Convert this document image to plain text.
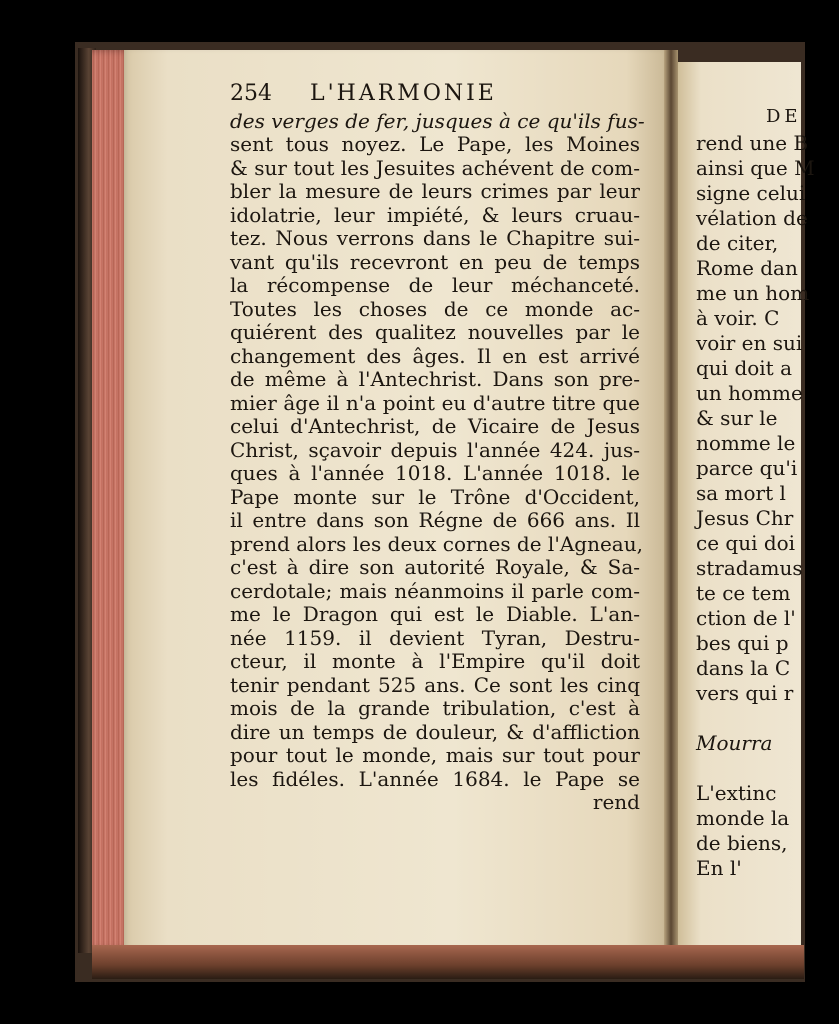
DE
rend une B
ainsi que M
signe celui
vélation de
de citer,
Rome dan
me un hom
à voir. C
voir en sui
qui doit a
un homme
& sur le
nomme le
parce qu'i
sa mort l
Jesus Chr
ce qui doi
stradamus
te ce tem
ction de l'
bes qui p
dans la C
vers qui r

Mourra

L'extinc
monde la
de biens,
En l'
254	L'HARMONIE
des verges de fer, jusques à ce qu'ils fus-
sent tous noyez. Le Pape, les Moines
& sur tout les Jesuites achévent de com-
bler la mesure de leurs crimes par leur
idolatrie, leur impiété, & leurs cruau-
tez. Nous verrons dans le Chapitre sui-
vant qu'ils recevront en peu de temps
la récompense de leur méchanceté.
Toutes les choses de ce monde ac-
quiérent des qualitez nouvelles par le
changement des âges. Il en est arrivé
de même à l'Antechrist. Dans son pre-
mier âge il n'a point eu d'autre titre que
celui d'Antechrist, de Vicaire de Jesus
Christ, sçavoir depuis l'année 424. jus-
ques à l'année 1018. L'année 1018. le
Pape monte sur le Trône d'Occident,
il entre dans son Régne de 666 ans. Il
prend alors les deux cornes de l'Agneau,
c'est à dire son autorité Royale, & Sa-
cerdotale; mais néanmoins il parle com-
me le Dragon qui est le Diable. L'an-
née 1159. il devient Tyran, Destru-
cteur, il monte à l'Empire qu'il doit
tenir pendant 525 ans. Ce sont les cinq
mois de la grande tribulation, c'est à
dire un temps de douleur, & d'affliction
pour tout le monde, mais sur tout pour
les fidéles. L'année 1684. le Pape se
rend
